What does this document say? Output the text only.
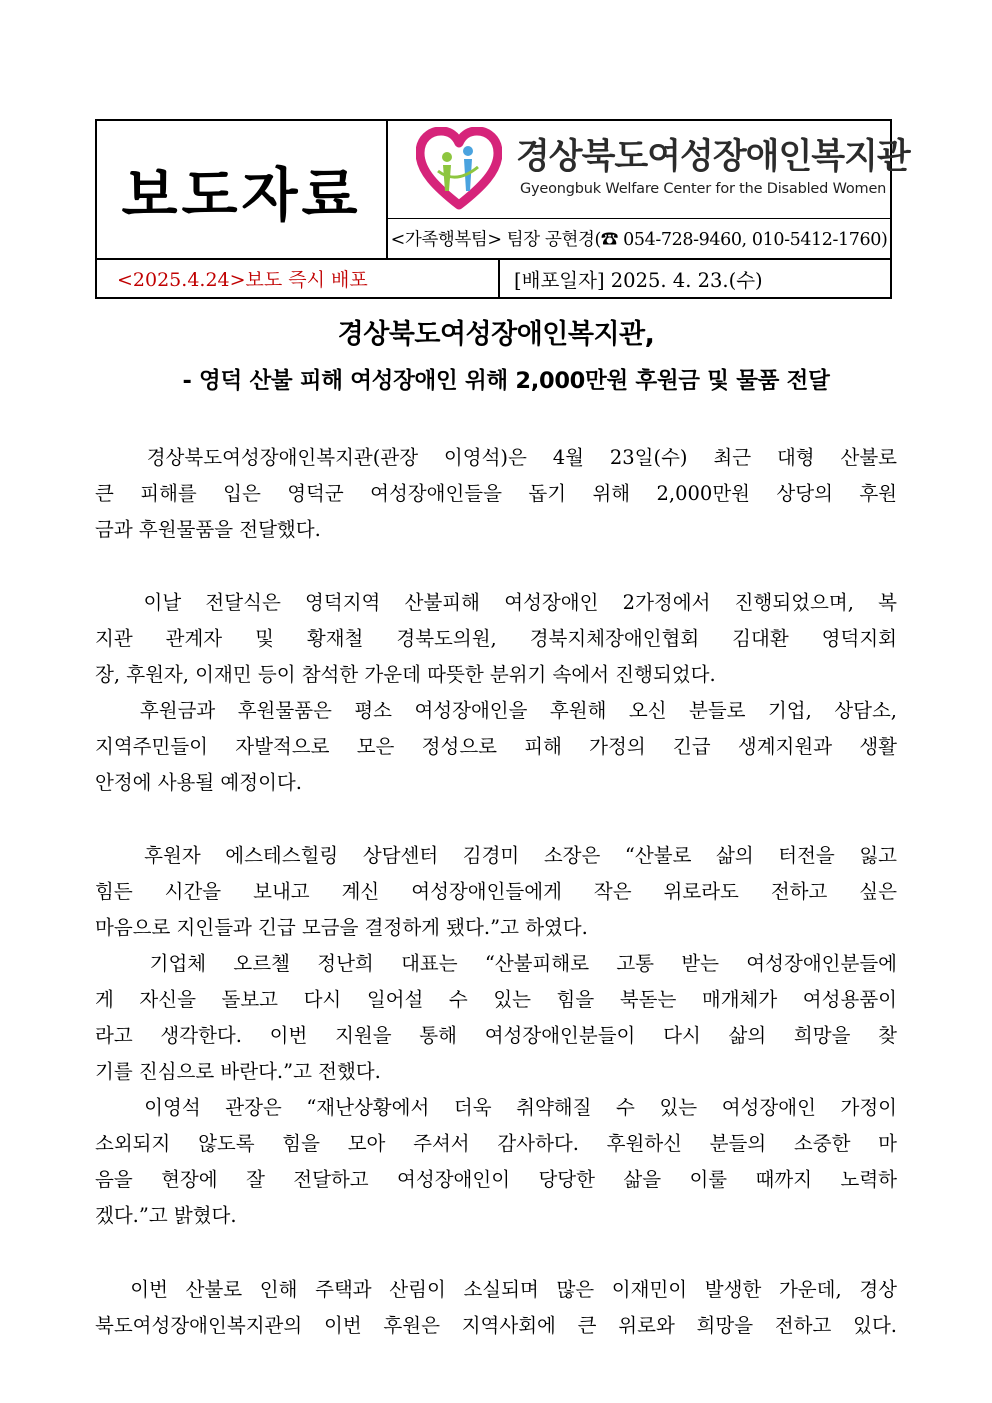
보도자료
경상북도여성장애인복지관
Gyeongbuk Welfare Center for the Disabled Women
<가족행복팀> 팀장 공현경(☎ 054-728-9460, 010-5412-1760)
<2025.4.24>보도 즉시 배포	[배포일자] 2025. 4. 23.(수)
경상북도여성장애인복지관,
- 영덕 산불 피해 여성장애인 위해 2,000만원 후원금 및 물품 전달
경상북도여성장애인복지관(관장 이영석)은 4월 23일(수) 최근 대형 산불로
큰 피해를 입은 영덕군 여성장애인들을 돕기 위해 2,000만원 상당의 후원
금과 후원물품을 전달했다.
이날 전달식은 영덕지역 산불피해 여성장애인 2가정에서 진행되었으며, 복
지관 관계자 및 황재철 경북도의원, 경북지체장애인협회 김대환 영덕지회
장, 후원자, 이재민 등이 참석한 가운데 따뜻한 분위기 속에서 진행되었다.
후원금과 후원물품은 평소 여성장애인을 후원해 오신 분들로 기업, 상담소,
지역주민들이 자발적으로 모은 정성으로 피해 가정의 긴급 생계지원과 생활
안정에 사용될 예정이다.
후원자 에스테스힐링 상담센터 김경미 소장은 “산불로 삶의 터전을 잃고
힘든 시간을 보내고 계신 여성장애인들에게 작은 위로라도 전하고 싶은
마음으로 지인들과 긴급 모금을 결정하게 됐다.”고 하였다.
기업체 오르첼 정난희 대표는 “산불피해로 고통 받는 여성장애인분들에
게 자신을 돌보고 다시 일어설 수 있는 힘을 북돋는 매개체가 여성용품이
라고 생각한다. 이번 지원을 통해 여성장애인분들이 다시 삶의 희망을 찾
기를 진심으로 바란다.”고 전했다.
이영석 관장은 “재난상황에서 더욱 취약해질 수 있는 여성장애인 가정이
소외되지 않도록 힘을 모아 주셔서 감사하다. 후원하신 분들의 소중한 마
음을 현장에 잘 전달하고 여성장애인이 당당한 삶을 이룰 때까지 노력하
겠다.”고 밝혔다.
이번 산불로 인해 주택과 산림이 소실되며 많은 이재민이 발생한 가운데, 경상
북도여성장애인복지관의 이번 후원은 지역사회에 큰 위로와 희망을 전하고 있다.
